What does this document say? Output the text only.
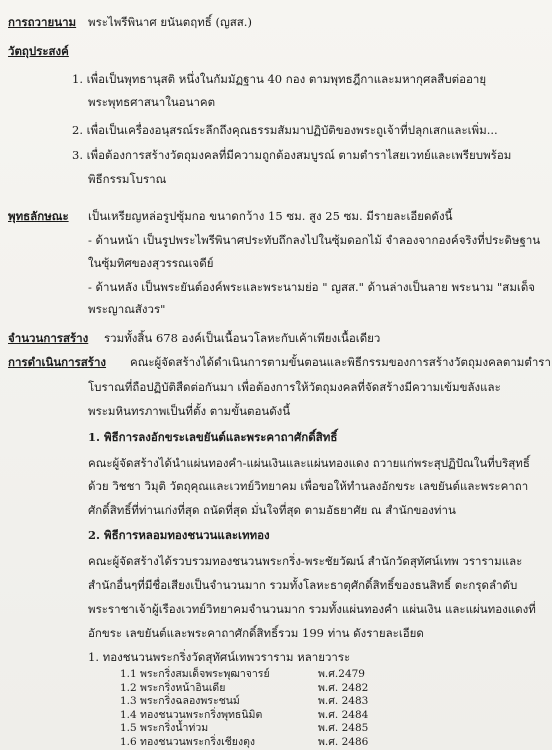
การถวายนาม พระไพรีพินาศ ยนันตฤทธิ์ (ญสส.)
วัตถุประสงค์
1. เพื่อเป็นพุทธานุสติ หนึ่งในกัมมัฏฐาน 40 กอง ตามพุทธฎีกาและมหากุศลสืบต่ออายุ
พระพุทธศาสนาในอนาคต
2. เพื่อเป็นเครื่องอนุสรณ์ระลึกถึงคุณธรรมสัมมาปฏิบัติของพระถูเจ้าที่ปลุกเสกและเพิ่ม...
3. เพื่อต้องการสร้างวัตถุมงคลที่มีความถูกต้องสมบูรณ์ ตามตำราไสยเวทย์และเพรียบพร้อม
พิธีกรรมโบราณ
พุทธลักษณะ เป็นเหรียญหล่อรูปซุ้มกอ ขนาดกว้าง 15 ซม. สูง 25 ซม. มีรายละเอียดดังนี้
- ด้านหน้า เป็นรูปพระไพรีพินาศประทับถึกลงไปในซุ้มดอกไม้ จำลองจากองค์จริงที่ประดิษฐาน
ในซุ้มทิศของสุวรรณเจดีย์
- ด้านหลัง เป็นพระยันต์องค์พระและพระนามย่อ " ญสส." ด้านล่างเป็นลาย พระนาม "สมเด็จ
พระญาณสังวร"
จำนวนการสร้าง รวมทั้งสิ้น 678 องค์เป็นเนื้อนวโลหะกับเค้าเพียงเนื้อเดียว
การดำเนินการสร้าง คณะผู้จัดสร้างได้ดำเนินการตามขั้นตอนและพิธีกรรมของการสร้างวัตถุมงคลตามตำรา
โบราณที่ถือปฏิบัติสืดต่อกันมา เพื่อต้องการให้วัตถุมงคลที่จัดสร้างมีความเข้มขลังและ
พระมหินทรภาพเป็นที่ตั้ง ตามขั้นตอนดังนี้
1. พิธีการลงอักขระเลขยันต์และพระคาถาศักดิ์สิทธิ์
คณะผู้จัดสร้างได้นำแผ่นทองคำ-แผ่นเงินและแผ่นทองแดง ถวายแก่พระสุปฏิปัณในที่บริสุทธิ์
ด้วย วิชชา วิมุติ วัตถุคุณและเวทย์วิทยาคม เพื่อขอให้ทำนลงอักขระ เลขยันต์และพระคาถา
ศักดิ์สิทธิ์ที่ท่านเก่งที่สุด ถนัดที่สุด มั่นใจที่สุด ตามอัธยาศัย ณ สำนักของท่าน
2. พิธีการหลอมทองชนวนและเททอง
คณะผู้จัดสร้างได้รวบรวมทองชนวนพระกริ่ง-พระชัยวัฒน์ สำนักวัดสุทัศน์เทพ วรารามและ
สำนักอื่นๆที่มีชื่อเสียงเป็นจำนวนมาก รวมทั้งโลหะธาตุศักดิ์สิทธิ์ของธนสิทธิ์ ตะกรุดลำดับ
พระราชาเจ้าผู้เรืองเวทย์วิทยาคมจำนวนมาก รวมทั้งแผ่นทองคำ แผ่นเงิน และแผ่นทองแดงที่
อักขระ เลขยันต์และพระคาถาศักดิ์สิทธิ์รวม 199 ท่าน ดังรายละเอียด
1. ทองชนวนพระกริ่งวัดสุทัศน์เทพวราราม หลายวาระ
1.1 พระกริ่งสมเด็จพระพุฒาจารย์	พ.ศ.2479
1.2 พระกริ่งหน้าอินเดีย	พ.ศ. 2482
1.3 พระกริ่งฉลองพระชนม์	พ.ศ. 2483
1.4 ทองชนวนพระกริ่งพุทธนิมิต	พ.ศ. 2484
1.5 พระกริ่งน้ำท่วม	พ.ศ. 2485
1.6 ทองชนวนพระกริ่งเชียงตุง	พ.ศ. 2486
